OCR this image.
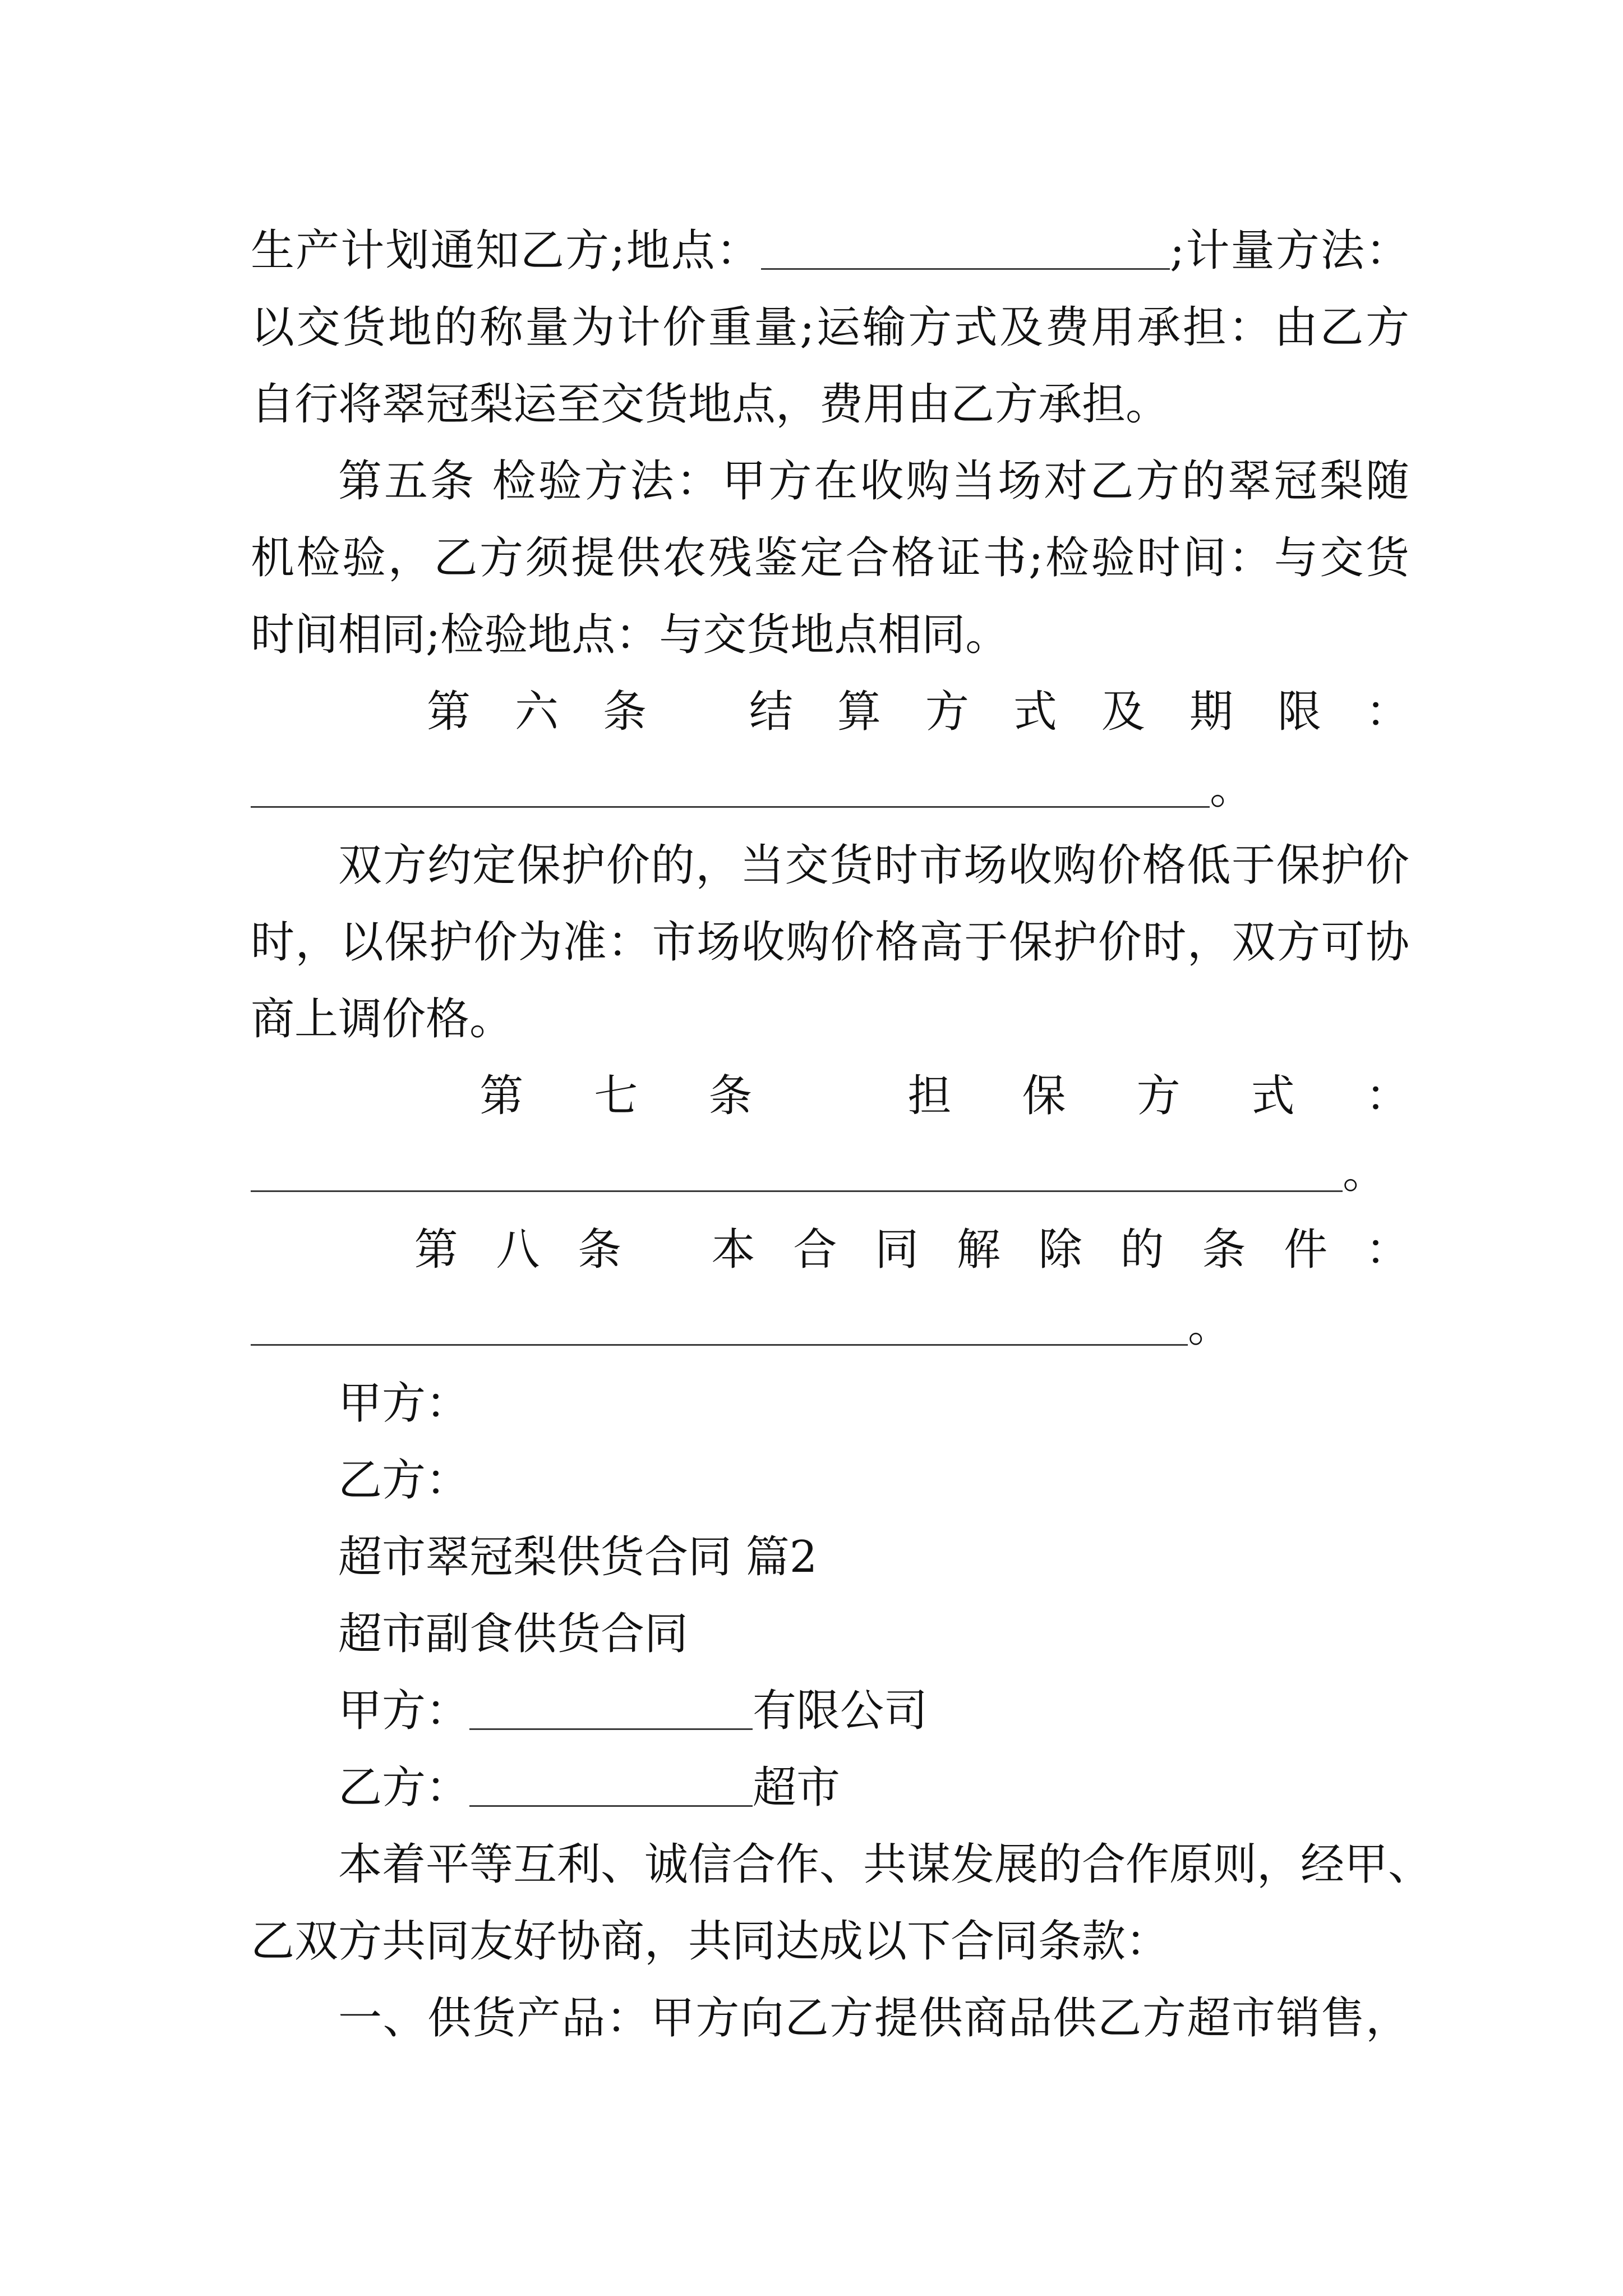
生产计划通知乙方;地点：	;计量方法：
以交货地的称量为计价重量;运输方式及费用承担：由乙方
自行将翠冠梨运至交货地点，费用由乙方承担。
第五条 检验方法：甲方在收购当场对乙方的翠冠梨随
机检验，乙方须提供农残鉴定合格证书;检验时间：与交货
时间相同;检验地点：与交货地点相同。
第 六 条
结 算 方 式 及 期 限 ：
。
双方约定保护价的，当交货时市场收购价格低于保护价
时，以保护价为准：市场收购价格高于保护价时，双方可协
商上调价格。
第 七 条
	担 保 方 式 ：
。
第 八 条
本 合 同 解 除 的 条 件 ：
。
甲方：
乙方：
超市翠冠梨供货合同 篇2
超市副食供货合同
甲方：	有限公司
乙方：	超市
本着平等互利、诚信合作、共谋发展的合作原则，经甲、
乙双方共同友好协商，共同达成以下合同条款：
一、供货产品：甲方向乙方提供商品供乙方超市销售，
